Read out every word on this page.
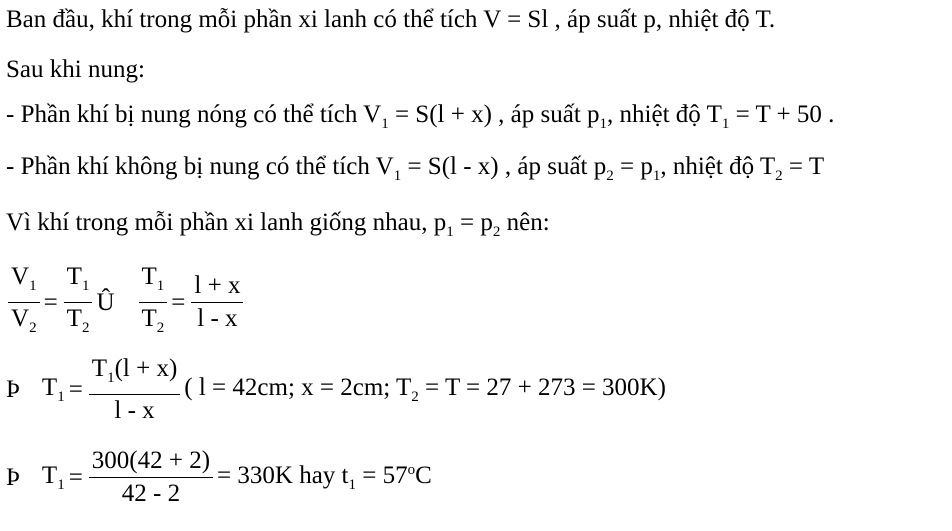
Ban đầu, khí trong mỗi phần xi lanh có thể tích V = Sl , áp suất p, nhiệt độ T.
Sau khi nung:
- Phần khí bị nung nóng có thể tích $V_1 = S(l + x)$ , áp suất $p_1$, nhiệt độ $T_1 = T + 50$ .
- Phần khí không bị nung có thể tích $V_1 = S(l - x)$ , áp suất $p_2 = p_1$, nhiệt độ $T_2 = T$
Vì khí trong mỗi phần xi lanh giống nhau, $p_1 = p_2$ nên:
$\frac{V_1}{V_2} = \frac{T_1}{T_2}$ Û $\frac{T_1}{T_2} = \frac{l + x}{l - x}$
Þ $T_1 = \frac{T_1(l + x)}{l - x}$ ( l = 42cm; x = 2cm; $T_2 = T = 27 + 273 = 300K$)
Þ $T_1 = \frac{300(42 + 2)}{42 - 2} = 330K$ hay $t_1 = 57^oC$
